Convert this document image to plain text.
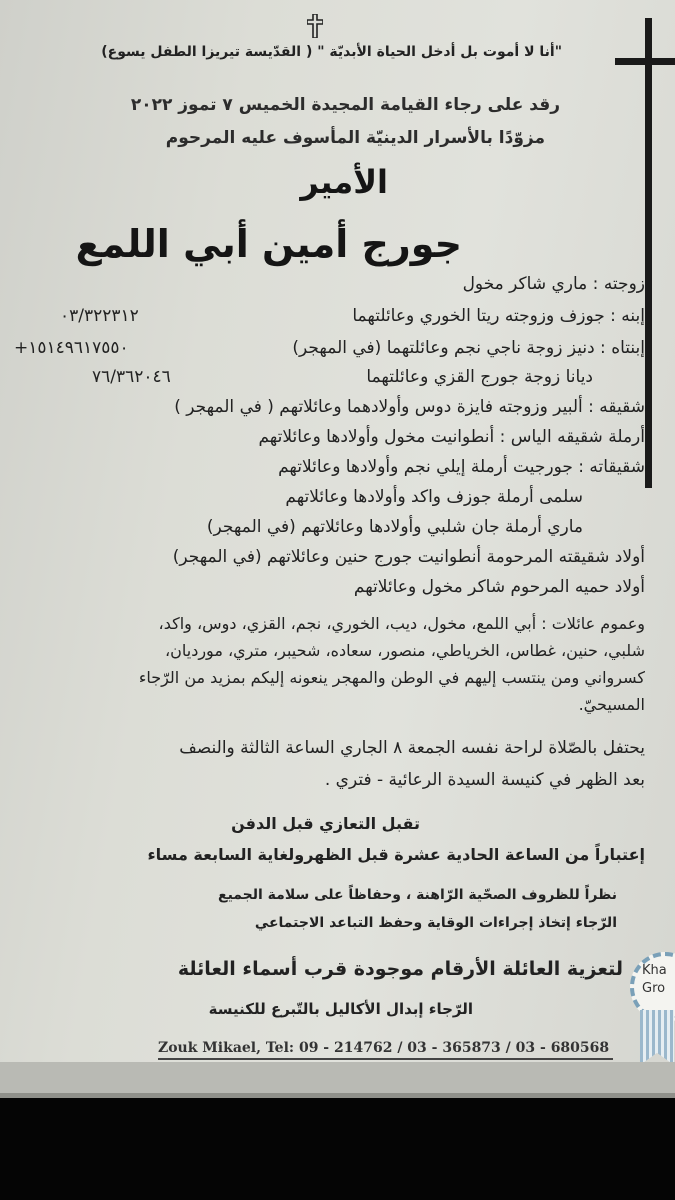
"أنا لا أموت بل أدخل الحياة الأبديّة " ( القدّيسة تيريزا الطفل يسوع)
رقد على رجاء القيامة المجيدة الخميس ٧ تموز ٢٠٢٢
مزوّدًا بالأسرار الدينيّة المأسوف عليه المرحوم
الأمير
جورج أمين أبي اللمع
زوجته : ماري شاكر مخول
إبنه : جوزف وزوجته ريتا الخوري وعائلتهما
٠٣/٣٢٢٣١٢
إبنتاه : دنيز زوجة ناجي نجم وعائلتهما (في المهجر)
+١٥١٤٩٦١٧٥٥٠
ديانا زوجة جورج القزي وعائلتهما
٧٦/٣٦٢٠٤٦
شقيقه : ألبير وزوجته فايزة دوس وأولادهما وعائلاتهم ( في المهجر )
أرملة شقيقه الياس : أنطوانيت مخول وأولادها وعائلاتهم
شقيقاته : جورجيت أرملة إيلي نجم وأولادها وعائلاتهم
سلمى أرملة جوزف واكد وأولادها وعائلاتهم
ماري أرملة جان شلبي وأولادها وعائلاتهم (في المهجر)
أولاد شقيقته المرحومة أنطوانيت جورج حنين وعائلاتهم (في المهجر)
أولاد حميه المرحوم شاكر مخول وعائلاتهم
وعموم عائلات : أبي اللمع، مخول، ديب، الخوري، نجم، القزي، دوس، واكد،
شلبي، حنين، غطاس، الخرياطي، منصور، سعاده، شحيبر، متري، مورديان،
كسرواني ومن ينتسب إليهم في الوطن والمهجر ينعونه إليكم بمزيد من الرّجاء
المسيحيّ.
يحتفل بالصّلاة لراحة نفسه الجمعة ٨ الجاري الساعة الثالثة والنصف
بعد الظهر في كنيسة السيدة الرعائية - فتري .
تقبل التعازي قبل الدفن
إعتباراً من الساعة الحادية عشرة قبل الظهرولغاية السابعة مساء
نظراً للظروف الصحّية الرّاهنة ، وحفاظاً على سلامة الجميع
الرّجاء إتخاذ إجراءات الوقاية وحفظ التباعد الاجتماعي
لتعزية العائلة الأرقام موجودة قرب أسماء العائلة
الرّجاء إبدال الأكاليل بالتّبرع للكنيسة
Kha
Gro
Zouk Mikael, Tel: 09 - 214762 / 03 - 365873 / 03 - 680568
